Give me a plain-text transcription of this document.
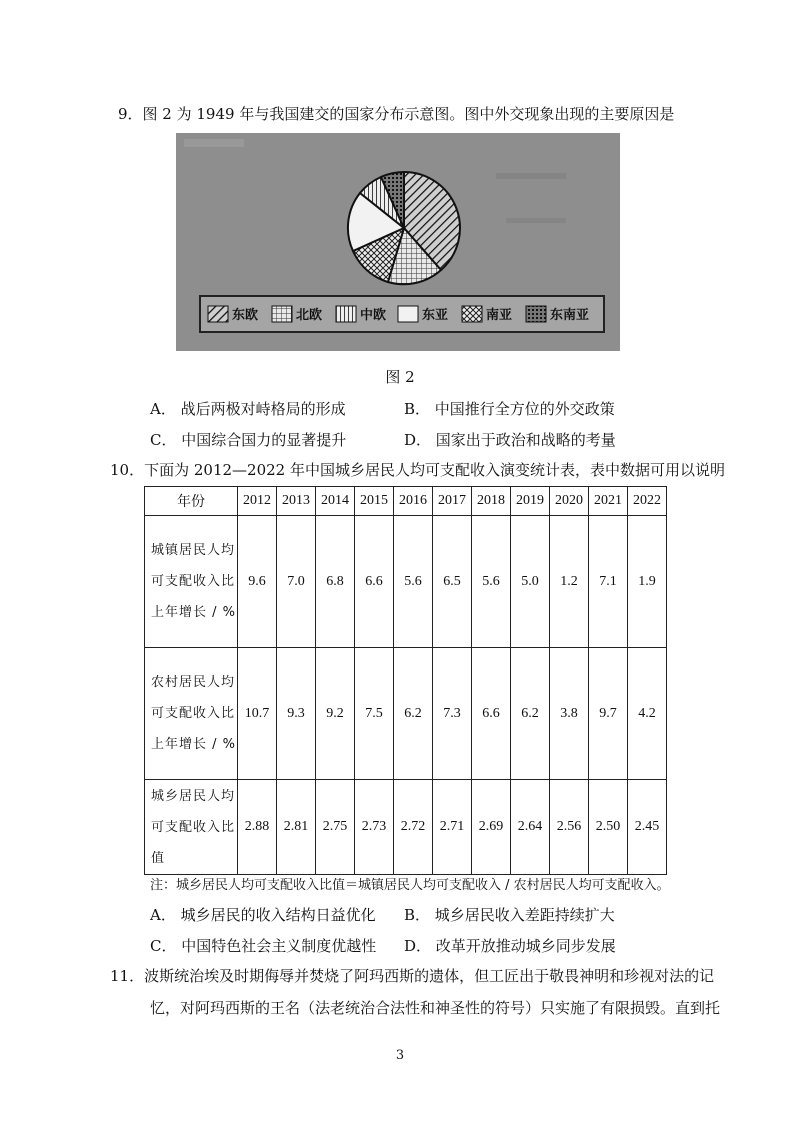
9．图 2 为 1949 年与我国建交的国家分布示意图。图中外交现象出现的主要原因是
东欧	北欧	中欧	东亚	南亚	东南亚
图 2
A． 战后两极对峙格局的形成	B． 中国推行全方位的外交政策
C． 中国综合国力的显著提升	D． 国家出于政治和战略的考量
10．下面为 2012—2022 年中国城乡居民人均可支配收入演变统计表，表中数据可用以说明
年份	2012	2013	2014	2015	2016	2017	2018	2019	2020	2021	2022
城镇居民人均可支配收入比上年增长 / %	9.6	7.0	6.8	6.6	5.6	6.5	5.6	5.0	1.2	7.1	1.9
农村居民人均可支配收入比上年增长 / %	10.7	9.3	9.2	7.5	6.2	7.3	6.6	6.2	3.8	9.7	4.2
城乡居民人均可支配收入比值	2.88	2.81	2.75	2.73	2.72	2.71	2.69	2.64	2.56	2.50	2.45
注：城乡居民人均可支配收入比值＝城镇居民人均可支配收入 / 农村居民人均可支配收入。
A． 城乡居民的收入结构日益优化 B． 城乡居民收入差距持续扩大
C． 中国特色社会主义制度优越性 D． 改革开放推动城乡同步发展
11．波斯统治埃及时期侮辱并焚烧了阿玛西斯的遗体，但工匠出于敬畏神明和珍视对法的记
忆，对阿玛西斯的王名（法老统治合法性和神圣性的符号）只实施了有限损毁。直到托
3
